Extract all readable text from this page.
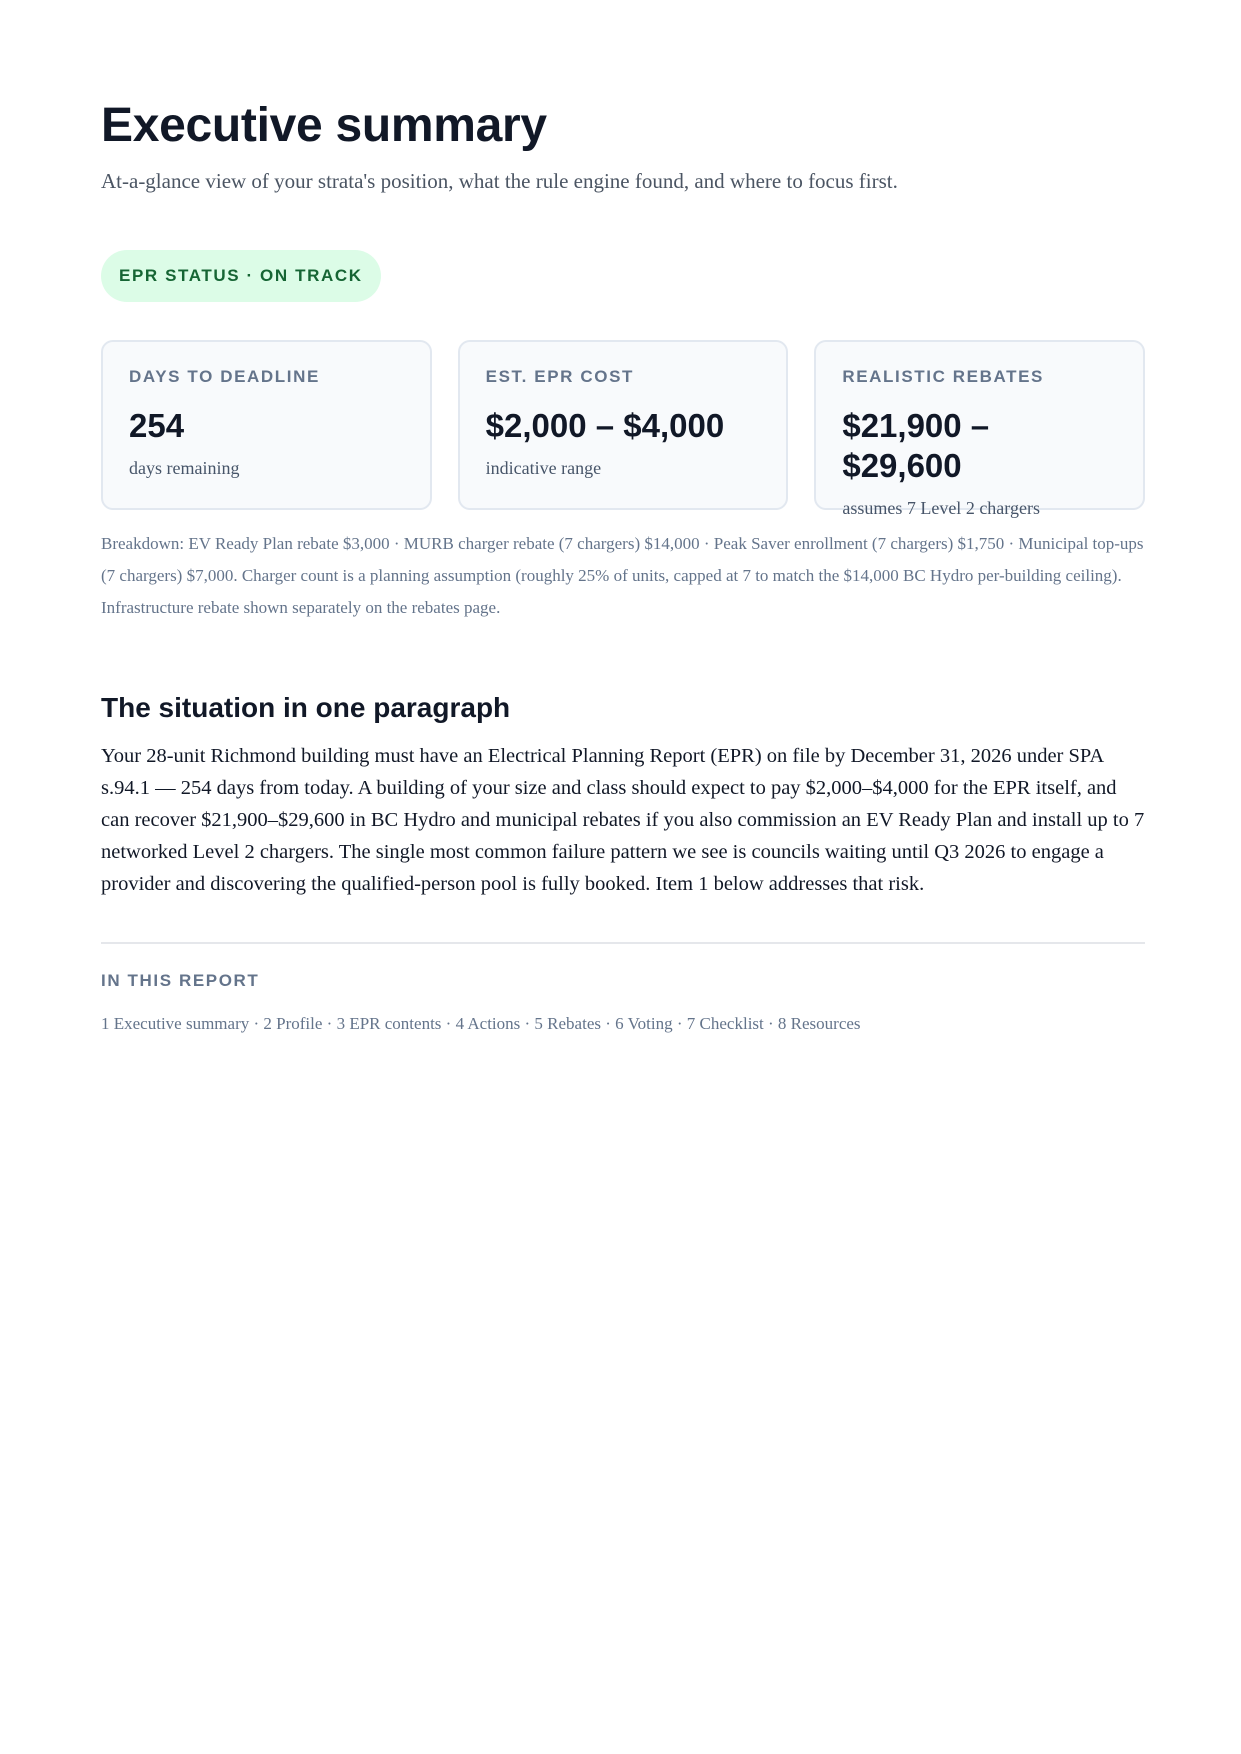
Executive summary

At-a-glance view of your strata's position, what the rule engine found, and where to focus first.

EPR STATUS · ON TRACK
DAYS TO DEADLINE
254
days remaining
EST. EPR COST
$2,000 – $4,000
indicative range
REALISTIC REBATES
$21,900 – $29,600
assumes 7 Level 2 chargers
Breakdown: EV Ready Plan rebate $3,000 · MURB charger rebate (7 chargers) $14,000 · Peak Saver enrollment (7 chargers) $1,750 · Municipal top-ups (7 chargers) $7,000. Charger count is a planning assumption (roughly 25% of units, capped at 7 to match the $14,000 BC Hydro per-building ceiling). Infrastructure rebate shown separately on the rebates page.
The situation in one paragraph

Your 28-unit Richmond building must have an Electrical Planning Report (EPR) on file by December 31, 2026 under SPA s.94.1 — 254 days from today. A building of your size and class should expect to pay $2,000–$4,000 for the EPR itself, and can recover $21,900–$29,600 in BC Hydro and municipal rebates if you also commission an EV Ready Plan and install up to 7 networked Level 2 chargers. The single most common failure pattern we see is councils waiting until Q3 2026 to engage a provider and discovering the qualified-person pool is fully booked. Item 1 below addresses that risk.

IN THIS REPORT
1 Executive summary · 2 Profile · 3 EPR contents · 4 Actions · 5 Rebates · 6 Voting · 7 Checklist · 8 Resources
